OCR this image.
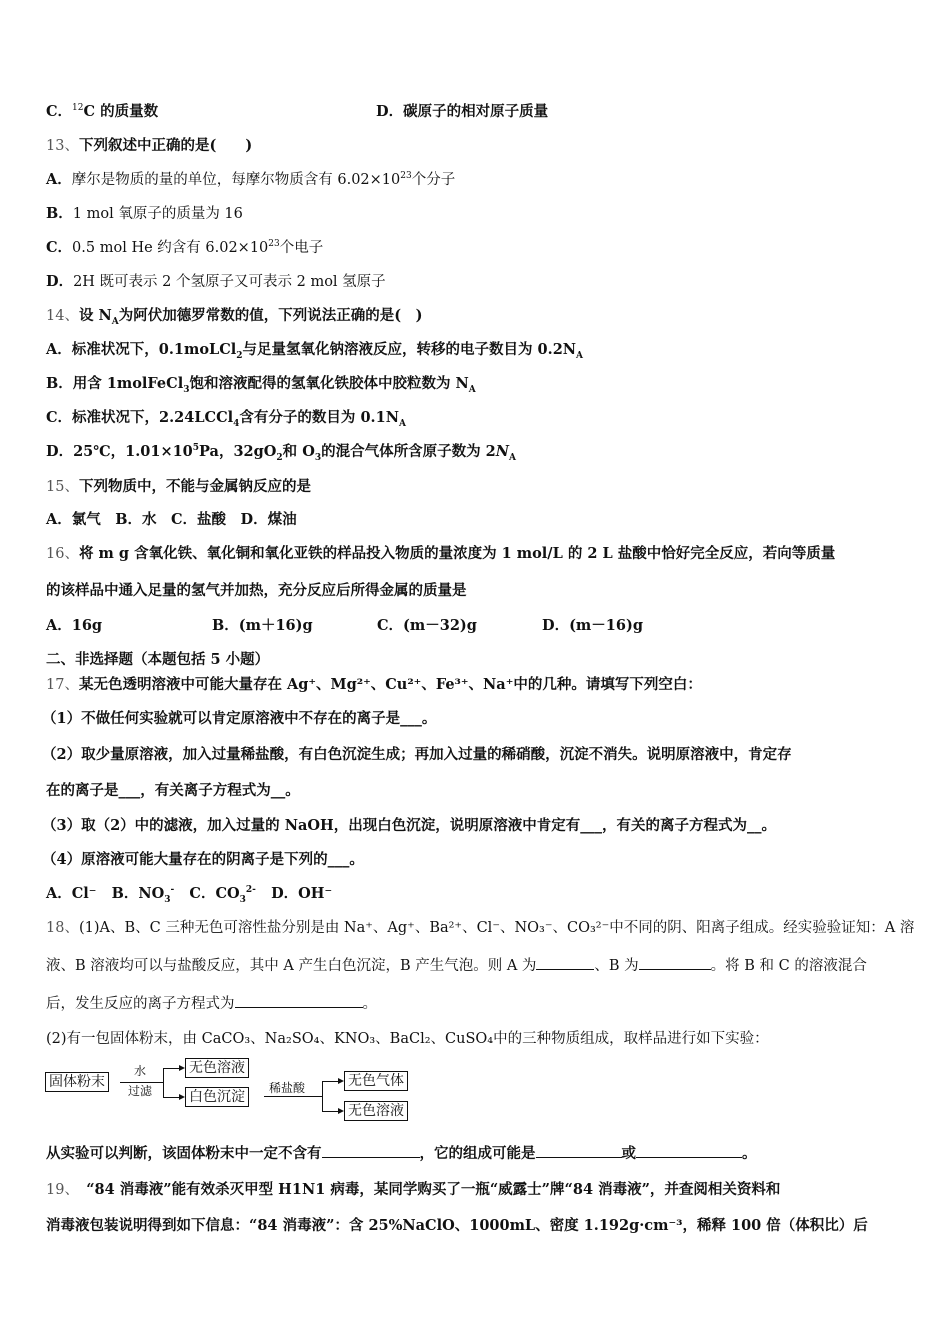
C．$^{12}$C 的质量数	D．碳原子的相对原子质量
13、下列叙述中正确的是(　　)
A．摩尔是物质的量的单位，每摩尔物质含有 $6.02\times 10^{23}$个分子
B．1 mol 氧原子的质量为 16
C．0.5 mol He 约含有 $6.02\times 10^{23}$个电子
D．2H 既可表示 2 个氢原子又可表示 2 mol 氢原子
14、设 $N_A$为阿伏加德罗常数的值，下列说法正确的是(　)
A．标准状况下，0.1moLCl$_2$与足量氢氧化钠溶液反应，转移的电子数目为 $0.2N_A$
B．用含 1molFeCl$_3$饱和溶液配得的氢氧化铁胶体中胶粒数为 $N_A$
C．标准状况下，2.24LCCl$_4$含有分子的数目为 $0.1N_A$
D．25℃，$1.01\times 10^5Pa$，$32gO_2$和 $O_3$的混合气体所含原子数为 $2N_A$
15、下列物质中，不能与金属钠反应的是
A．氯气　B．水　C．盐酸　D．煤油
16、将 m g 含氧化铁、氧化铜和氧化亚铁的样品投入物质的量浓度为 1 mol/L 的 2 L 盐酸中恰好完全反应，若向等质量
的该样品中通入足量的氢气并加热，充分反应后所得金属的质量是
A．16g	B．(m＋16)g	C．(m－32)g	D．(m－16)g
二、非选择题（本题包括 5 小题）
17、某无色透明溶液中可能大量存在 Ag⁺、Mg²⁺、Cu²⁺、Fe³⁺、Na⁺中的几种。请填写下列空白：
（1）不做任何实验就可以肯定原溶液中不存在的离子是___。
（2）取少量原溶液，加入过量稀盐酸，有白色沉淀生成；再加入过量的稀硝酸，沉淀不消失。说明原溶液中，肯定存
在的离子是___，有关离子方程式为__。
（3）取（2）中的滤液，加入过量的 NaOH，出现白色沉淀，说明原溶液中肯定有___，有关的离子方程式为__。
（4）原溶液可能大量存在的阴离子是下列的___。
A．Cl⁻ B．$NO_3^-$ C．$CO_3^{2-}$ D．OH⁻
18、(1)A、B、C 三种无色可溶性盐分别是由 Na⁺、Ag⁺、Ba²⁺、Cl⁻、NO₃⁻、CO₃²⁻中不同的阴、阳离子组成。经实验验证知：A 溶
液、B 溶液均可以与盐酸反应，其中 A 产生白色沉淀，B 产生气泡。则 A 为	、B 为	。将 B 和 C 的溶液混合
后，发生反应的离子方程式为	。
(2)有一包固体粉末，由 CaCO₃、Na₂SO₄、KNO₃、BaCl₂、CuSO₄中的三种物质组成，取样品进行如下实验：
固体粉末
水
过滤
无色溶液
白色沉淀
稀盐酸	无色气体
无色溶液
从实验可以判断，该固体粉末中一定不含有	，它的组成可能是	或	。
19、　“84 消毒液”能有效杀灭甲型 H1N1 病毒，某同学购买了一瓶“威露士”牌“84 消毒液”，并查阅相关资料和
消毒液包装说明得到如下信息：“84 消毒液”：含 25%NaClO、1000mL、密度 1.192g·cm⁻³，稀释 100 倍（体积比）后
